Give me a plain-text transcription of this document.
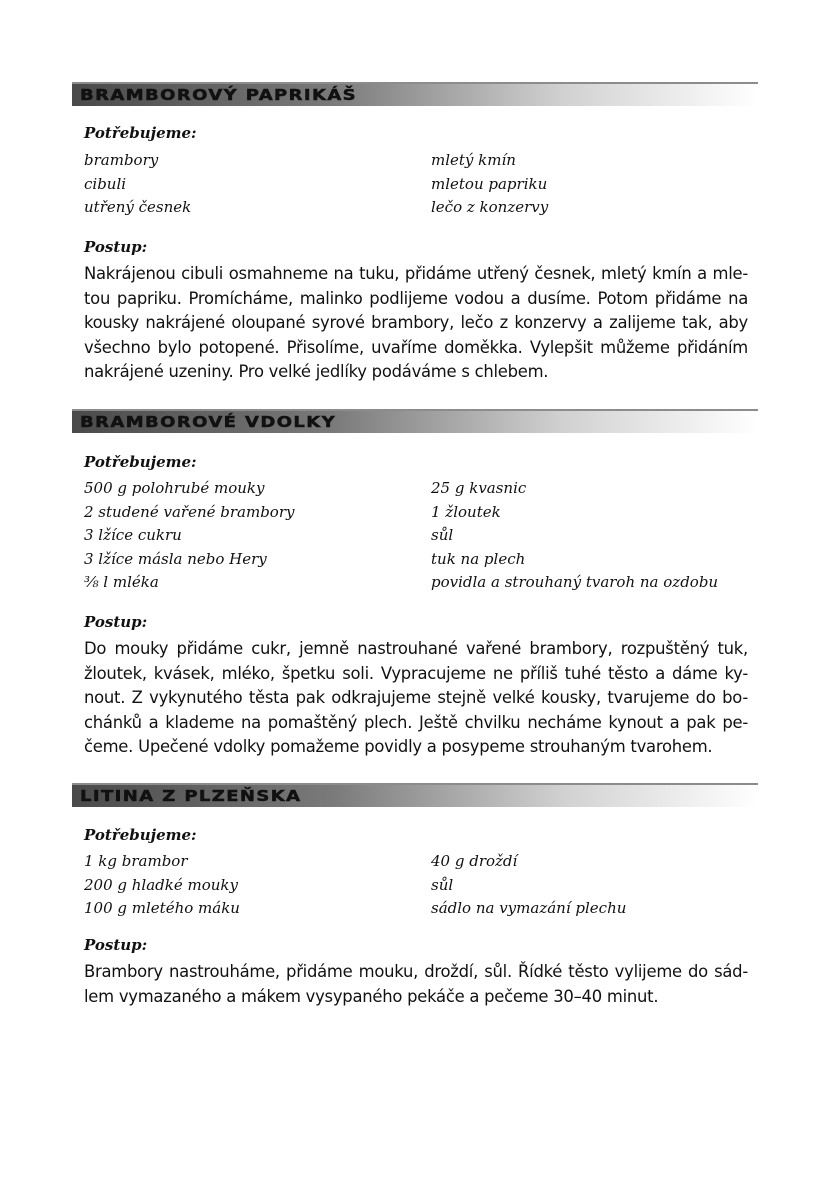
BRAMBOROVÝ PAPRIKÁŠ

Potřebujeme:

brambory
cibuli
utřený česnek
mletý kmín
mletou papriku
lečo z konzervy

Postup:

Nakrájenou cibuli osmahneme na tuku, přidáme utřený česnek, mletý kmín a mle-
tou papriku. Promícháme, malinko podlijeme vodou a dusíme. Potom přidáme na
kousky nakrájené oloupané syrové brambory, lečo z konzervy a zalijeme tak, aby
všechno bylo potopené. Přisolíme, uvaříme doměkka. Vylepšit můžeme přidáním
nakrájené uzeniny. Pro velké jedlíky podáváme s chlebem.

BRAMBOROVÉ VDOLKY

Potřebujeme:

500 g polohrubé mouky
2 studené vařené brambory
3 lžíce cukru
3 lžíce másla nebo Hery
⅜ l mléka
25 g kvasnic
1 žloutek
sůl
tuk na plech
povidla a strouhaný tvaroh na ozdobu

Postup:

Do mouky přidáme cukr, jemně nastrouhané vařené brambory, rozpuštěný tuk,
žloutek, kvásek, mléko, špetku soli. Vypracujeme ne příliš tuhé těsto a dáme ky-
nout. Z vykynutého těsta pak odkrajujeme stejně velké kousky, tvarujeme do bo-
chánků a klademe na pomaštěný plech. Ještě chvilku necháme kynout a pak pe-
čeme. Upečené vdolky pomažeme povidly a posypeme strouhaným tvarohem.

LITINA Z PLZEŇSKA

Potřebujeme:

1 kg brambor
200 g hladké mouky
100 g mletého máku
40 g droždí
sůl
sádlo na vymazání plechu

Postup:

Brambory nastrouháme, přidáme mouku, droždí, sůl. Řídké těsto vylijeme do sád-
lem vymazaného a mákem vysypaného pekáče a pečeme 30–40 minut.
